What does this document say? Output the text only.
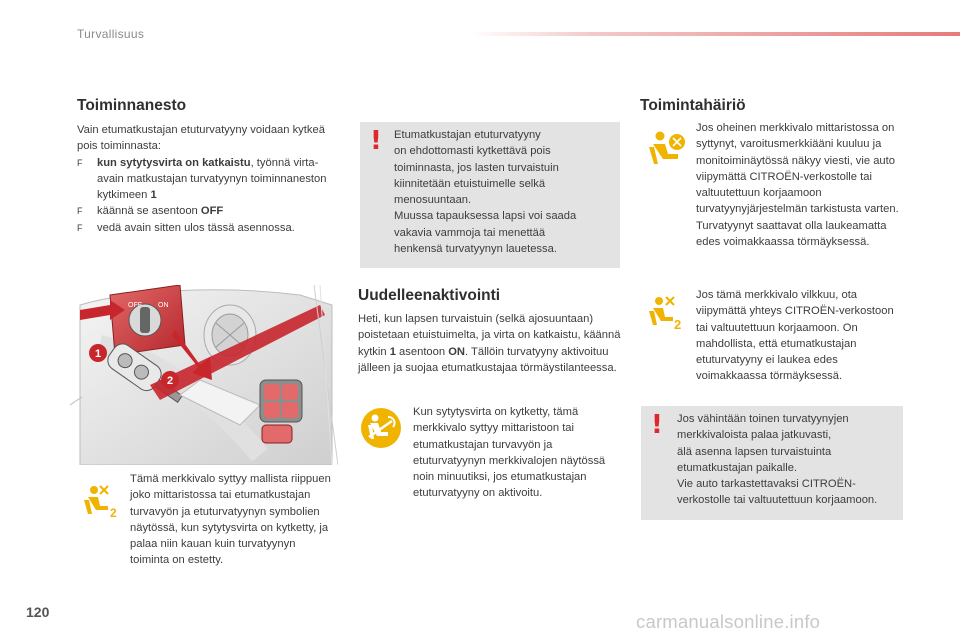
Turvallisuus
Toiminnanesto

Vain etumatkustajan etuturvatyyny voidaan kytkeä pois toiminnasta:

F	kun sytytysvirta on katkaistu, työnnä virta-avain matkustajan turvatyynyn toiminnaneston kytkimeen 1
F	käännä se asentoon OFF
F	vedä avain sitten ulos tässä asennossa.
1
2
OFF ON
2
Tämä merkkivalo syttyy mallista riippuen joko mittaristossa tai etumatkustajan turvavyön ja etuturvatyynyn symbolien näytössä, kun sytytysvirta on kytketty, ja palaa niin kauan kuin turvatyynyn toiminta on estetty.
! Etumatkustajan etuturvatyyny

on ehdottomasti kytkettävä pois

toiminnasta, jos lasten turvaistuin

kiinnitetään etuistuimelle selkä

menosuuntaan.

Muussa tapauksessa lapsi voi saada

vakavia vammoja tai menettää

henkensä turvatyynyn lauetessa.

Uudelleenaktivointi
Heti, kun lapsen turvaistuin (selkä ajosuuntaan) poistetaan etuistuimelta, ja virta on katkaistu, käännä kytkin 1 asentoon ON. Tällöin turvatyyny aktivoituu jälleen ja suojaa etumatkustajaa törmäystilanteessa.
Kun sytytysvirta on kytketty, tämä merkkivalo syttyy mittaristoon tai etumatkustajan turvavyön ja etuturvatyynyn merkkivalojen näytössä noin minuutiksi, jos etumatkustajan etuturvatyyny on aktivoitu.
Toimintahäiriö
Jos oheinen merkkivalo mittaristossa on syttynyt, varoitusmerkkiääni kuuluu ja monitoiminäytössä näkyy viesti, vie auto viipymättä CITROËN-verkostolle tai valtuutettuun korjaamoon turvatyynyjärjestelmän tarkistusta varten. Turvatyynyt saattavat olla laukeamatta edes voimakkaassa törmäyksessä.
2
Jos tämä merkkivalo vilkkuu, ota viipymättä yhteys CITROËN-verkostoon tai valtuutettuun korjaamoon. On mahdollista, että etumatkustajan etuturvatyyny ei laukea edes voimakkaassa törmäyksessä.
! Jos vähintään toinen turvatyynyjen

merkkivaloista palaa jatkuvasti,

älä asenna lapsen turvaistuinta

etumatkustajan paikalle.

Vie auto tarkastettavaksi CITROËN-

verkostolle tai valtuutettuun korjaamoon.

120	carmanualsonline.info
